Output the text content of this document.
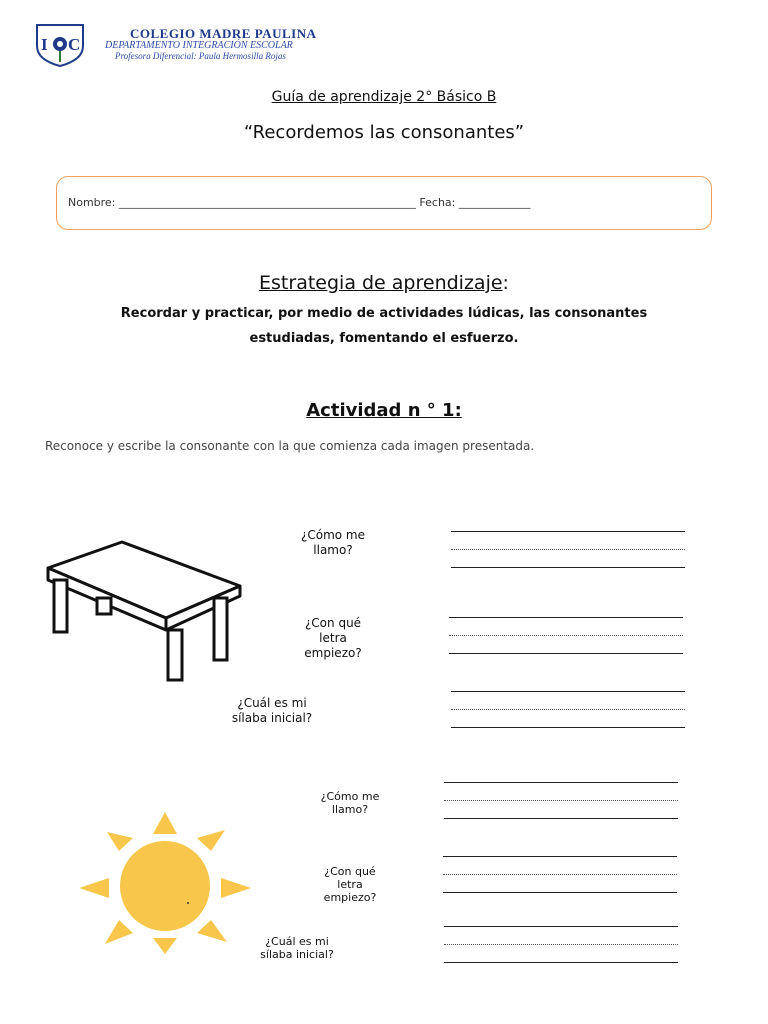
I C
COLEGIO MADRE PAULINA
DEPARTAMENTO INTEGRACIÓN ESCOLAR
Profesora Diferencial: Paula Hermosilla Rojas
Guía de aprendizaje 2° Básico B
“Recordemos las consonantes”
Nombre: ______________________________________________________ Fecha: _____________
Estrategia de aprendizaje:
Recordar y practicar, por medio de actividades lúdicas, las consonantes
estudiadas, fomentando el esfuerzo.
Actividad n ° 1:
Reconoce y escribe la consonante con la que comienza cada imagen presentada.
¿Cómo me llamo?
¿Con qué letra empiezo?
¿Cuál es mi sílaba inicial?
¿Cómo me llamo?
¿Con qué letra empiezo?
¿Cuál es mi sílaba inicial?
